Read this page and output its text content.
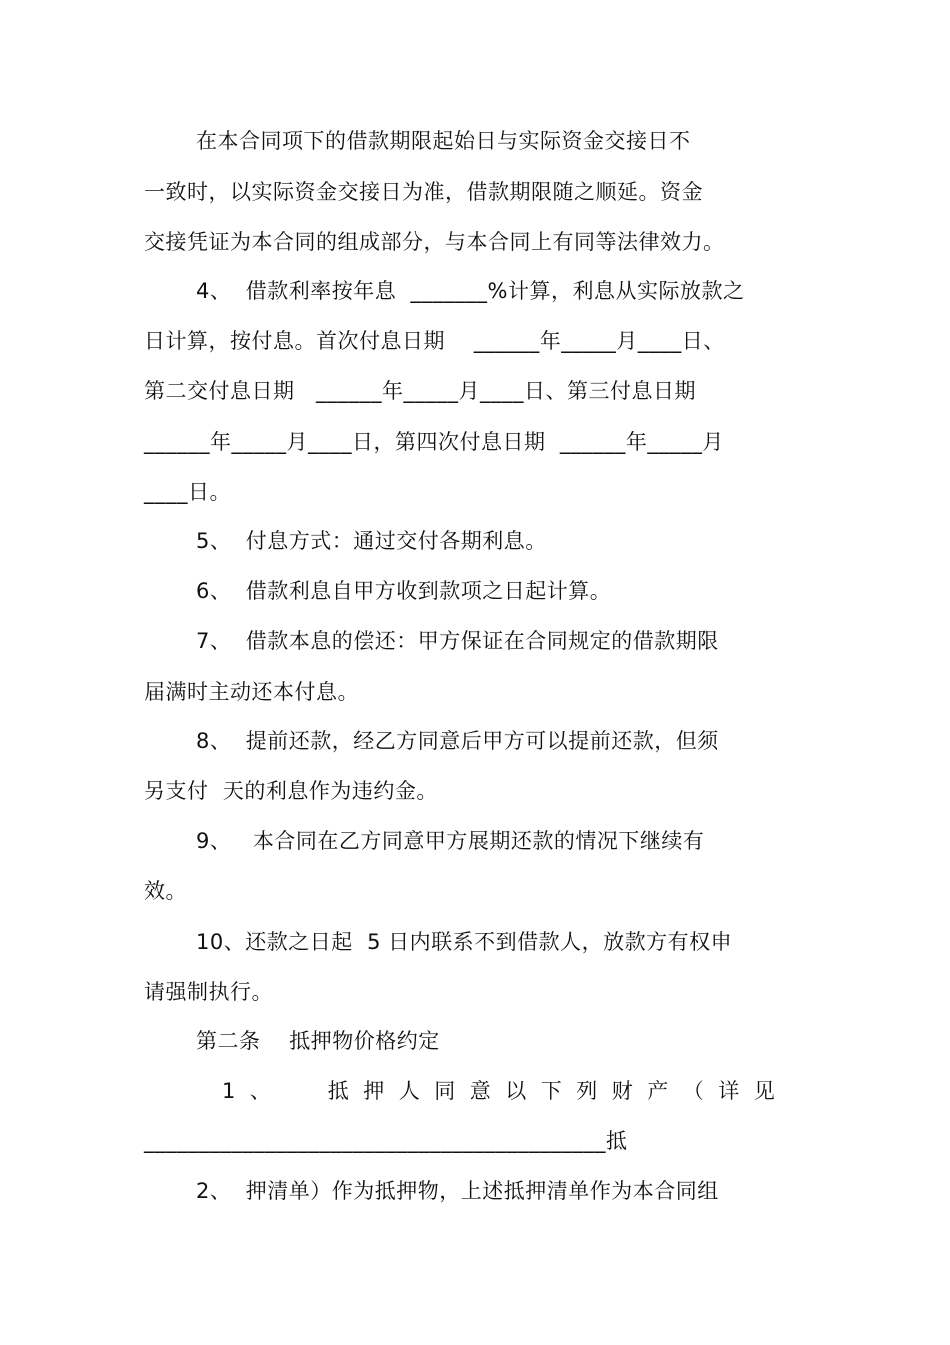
在本合同项下的借款期限起始日与实际资金交接日不
一致时，以实际资金交接日为准，借款期限随之顺延。资金
交接凭证为本合同的组成部分，与本合同上有同等法律效力。
4、  借款利率按年息  _______%计算，利息从实际放款之
日计算，按付息。首次付息日期    ______年_____月____日、
第二交付息日期   ______年_____月____日、第三付息日期
______年_____月____日，第四次付息日期  ______年_____月
____日。
5、  付息方式：通过交付各期利息。
6、  借款利息自甲方收到款项之日起计算。
7、  借款本息的偿还：甲方保证在合同规定的借款期限
届满时主动还本付息。
8、  提前还款，经乙方同意后甲方可以提前还款，但须
另支付  天的利息作为违约金。
9、   本合同在乙方同意甲方展期还款的情况下继续有
效。
10、还款之日起  5 日内联系不到借款人，放款方有权申
请强制执行。
第二条    抵押物价格约定
1、  抵押人同意以下列财产（详见
__________________________________________抵
2、  押清单）作为抵押物，上述抵押清单作为本合同组
